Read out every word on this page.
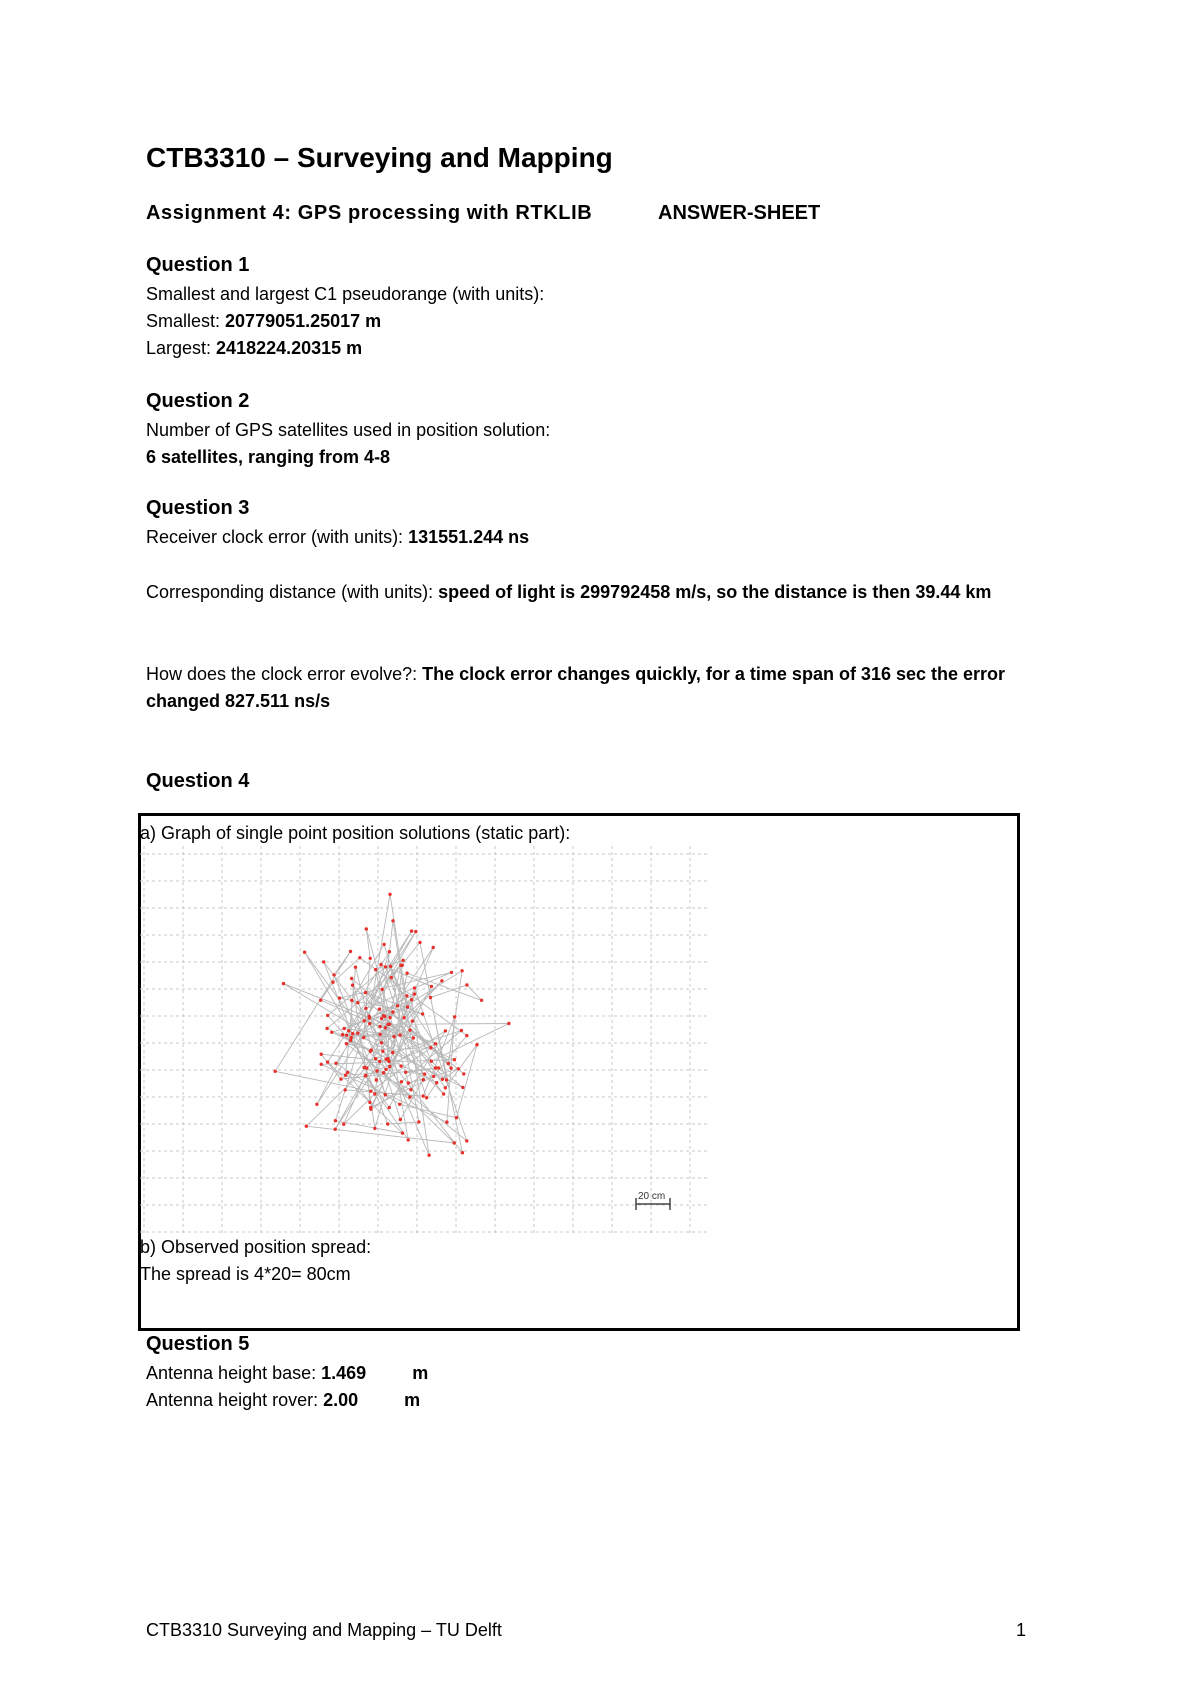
CTB3310 – Surveying and Mapping
Assignment 4: GPS processing with RTKLIB	ANSWER-SHEET
Question 1
Smallest and largest C1 pseudorange (with units):
Smallest: 20779051.25017 m
Largest: 2418224.20315 m
Question 2
Number of GPS satellites used in position solution:
6 satellites, ranging from 4-8
Question 3
Receiver clock error (with units): 131551.244 ns
Corresponding distance (with units): speed of light is 299792458 m/s, so the distance is then 39.44 km
How does the clock error evolve?: The clock error changes quickly, for a time span of 316 sec the error changed 827.511 ns/s
Question 4
a) Graph of single point position solutions (static part):
20 cm
b) Observed position spread:
The spread is 4*20= 80cm
Question 5
Antenna height base: 1.469	m
Antenna height rover: 2.00	m
CTB3310 Surveying and Mapping – TU Delft	1
